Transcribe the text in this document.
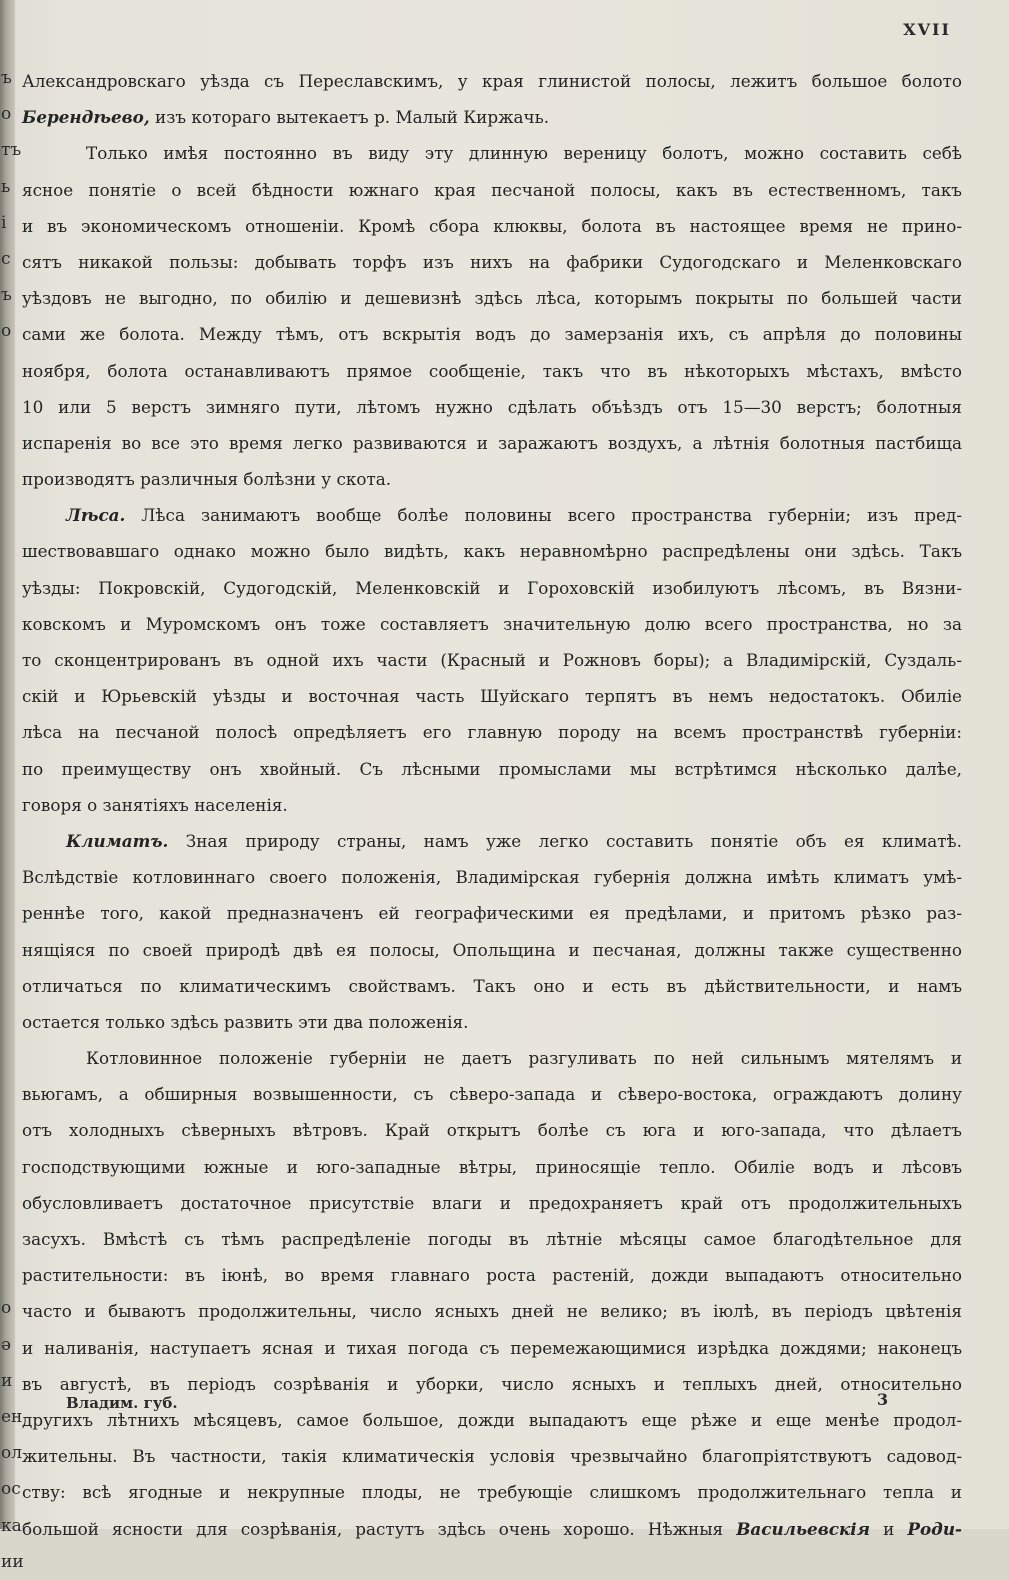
ъ
о
тъ
ь
і
с
ъ
о
о
ә
и
ен
ол
ос
ка
ии
XVII
Александровскаго уѣзда съ Переславскимъ, у края глинистой полосы, лежитъ большое болото
Берендѣево, изъ котораго вытекаетъ р. Малый Киржачь.
Только имѣя постоянно въ виду эту длинную вереницу болотъ, можно составить себѣ
ясное понятіе о всей бѣдности южнаго края песчаной полосы, какъ въ естественномъ, такъ
и въ экономическомъ отношеніи. Кромѣ сбора клюквы, болота въ настоящее время не прино-
сятъ никакой пользы: добывать торфъ изъ нихъ на фабрики Судогодскаго и Меленковскаго
уѣздовъ не выгодно, по обилію и дешевизнѣ здѣсь лѣса, которымъ покрыты по большей части
сами же болота. Между тѣмъ, отъ вскрытія водъ до замерзанія ихъ, съ апрѣля до половины
ноября, болота останавливаютъ прямое сообщеніе, такъ что въ нѣкоторыхъ мѣстахъ, вмѣсто
10 или 5 верстъ зимняго пути, лѣтомъ нужно сдѣлать объѣздъ отъ 15—30 верстъ; болотныя
испаренія во все это время легко развиваются и заражаютъ воздухъ, а лѣтнія болотныя пастбища
производятъ различныя болѣзни у скота.
Лѣса. Лѣса занимаютъ вообще болѣе половины всего пространства губерніи; изъ пред-
шествовавшаго однако можно было видѣть, какъ неравномѣрно распредѣлены они здѣсь. Такъ
уѣзды: Покровскій, Судогодскій, Меленковскій и Гороховскій изобилуютъ лѣсомъ, въ Вязни-
ковскомъ и Муромскомъ онъ тоже составляетъ значительную долю всего пространства, но за
то сконцентрированъ въ одной ихъ части (Красный и Рожновъ боры); а Владимірскій, Суздаль-
скій и Юрьевскій уѣзды и восточная часть Шуйскаго терпятъ въ немъ недостатокъ. Обиліе
лѣса на песчаной полосѣ опредѣляетъ его главную породу на всемъ пространствѣ губерніи:
по преимуществу онъ хвойный. Съ лѣсными промыслами мы встрѣтимся нѣсколько далѣе,
говоря о занятіяхъ населенія.
Климатъ. Зная природу страны, намъ уже легко составить понятіе объ ея климатѣ.
Вслѣдствіе котловиннаго своего положенія, Владимірская губернія должна имѣть климатъ умѣ-
реннѣе того, какой предназначенъ ей географическими ея предѣлами, и притомъ рѣзко раз-
нящіяся по своей природѣ двѣ ея полосы, Опольщина и песчаная, должны также существенно
отличаться по климатическимъ свойствамъ. Такъ оно и есть въ дѣйствительности, и намъ
остается только здѣсь развить эти два положенія.
Котловинное положеніе губерніи не даетъ разгуливать по ней сильнымъ мятелямъ и
вьюгамъ, а обширныя возвышенности, съ сѣверо-запада и сѣверо-востока, ограждаютъ долину
отъ холодныхъ сѣверныхъ вѣтровъ. Край открытъ болѣе съ юга и юго-запада, что дѣлаетъ
господствующими южные и юго-западные вѣтры, приносящіе тепло. Обиліе водъ и лѣсовъ
обусловливаетъ достаточное присутствіе влаги и предохраняетъ край отъ продолжительныхъ
засухъ. Вмѣстѣ съ тѣмъ распредѣленіе погоды въ лѣтніе мѣсяцы самое благодѣтельное для
растительности: въ іюнѣ, во время главнаго роста растеній, дожди выпадаютъ относительно
часто и бываютъ продолжительны, число ясныхъ дней не велико; въ іюлѣ, въ періодъ цвѣтенія
и наливанія, наступаетъ ясная и тихая погода съ перемежающимися изрѣдка дождями; наконецъ
въ августѣ, въ періодъ созрѣванія и уборки, число ясныхъ и теплыхъ дней, относительно
другихъ лѣтнихъ мѣсяцевъ, самое большое, дожди выпадаютъ еще рѣже и еще менѣе продол-
жительны. Въ частности, такія климатическія условія чрезвычайно благопріятствуютъ садовод-
ству: всѣ ягодные и некрупные плоды, не требующіе слишкомъ продолжительнаго тепла и
большой ясности для созрѣванія, растутъ здѣсь очень хорошо. Нѣжныя Васильевскія и Роди-
Владим. губ.	3
